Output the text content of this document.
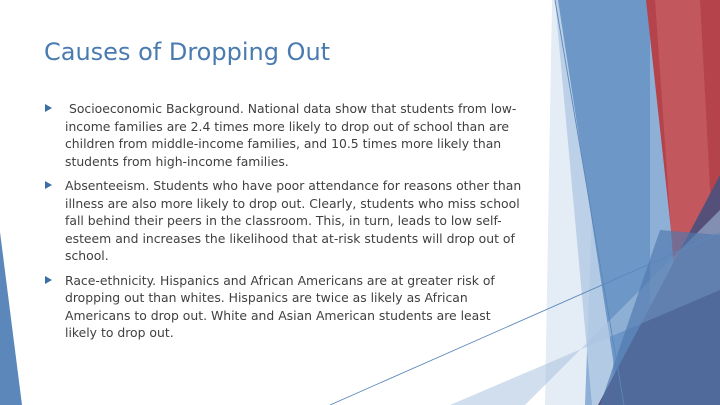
Causes of Dropping Out
Socioeconomic Background. National data show that students from low-income families are 2.4 times more likely to drop out of school than are children from middle-income families, and 10.5 times more likely than students from high-income families.
Absenteeism. Students who have poor attendance for reasons other than illness are also more likely to drop out. Clearly, students who miss school fall behind their peers in the classroom. This, in turn, leads to low self-esteem and increases the likelihood that at-risk students will drop out of school.
Race-ethnicity. Hispanics and African Americans are at greater risk of dropping out than whites. Hispanics are twice as likely as African Americans to drop out. White and Asian American students are least likely to drop out.
